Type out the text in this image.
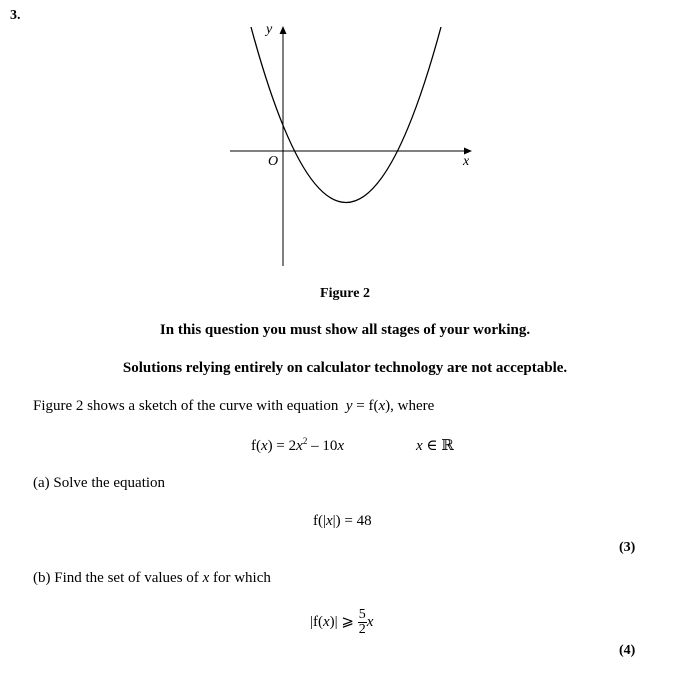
3.
y
x
O
Figure 2
In this question you must show all stages of your working.
Solutions relying entirely on calculator technology are not acceptable.
Figure 2 shows a sketch of the curve with equation y = f(x), where
$f(x) = 2x^2 - 10x$	x ∈ ℝ
(a) Solve the equation
f(|x|) = 48
(3)
(b) Find the set of values of x for which
|f(x)| ⩾ $\frac{5}{2}$ x
(4)
